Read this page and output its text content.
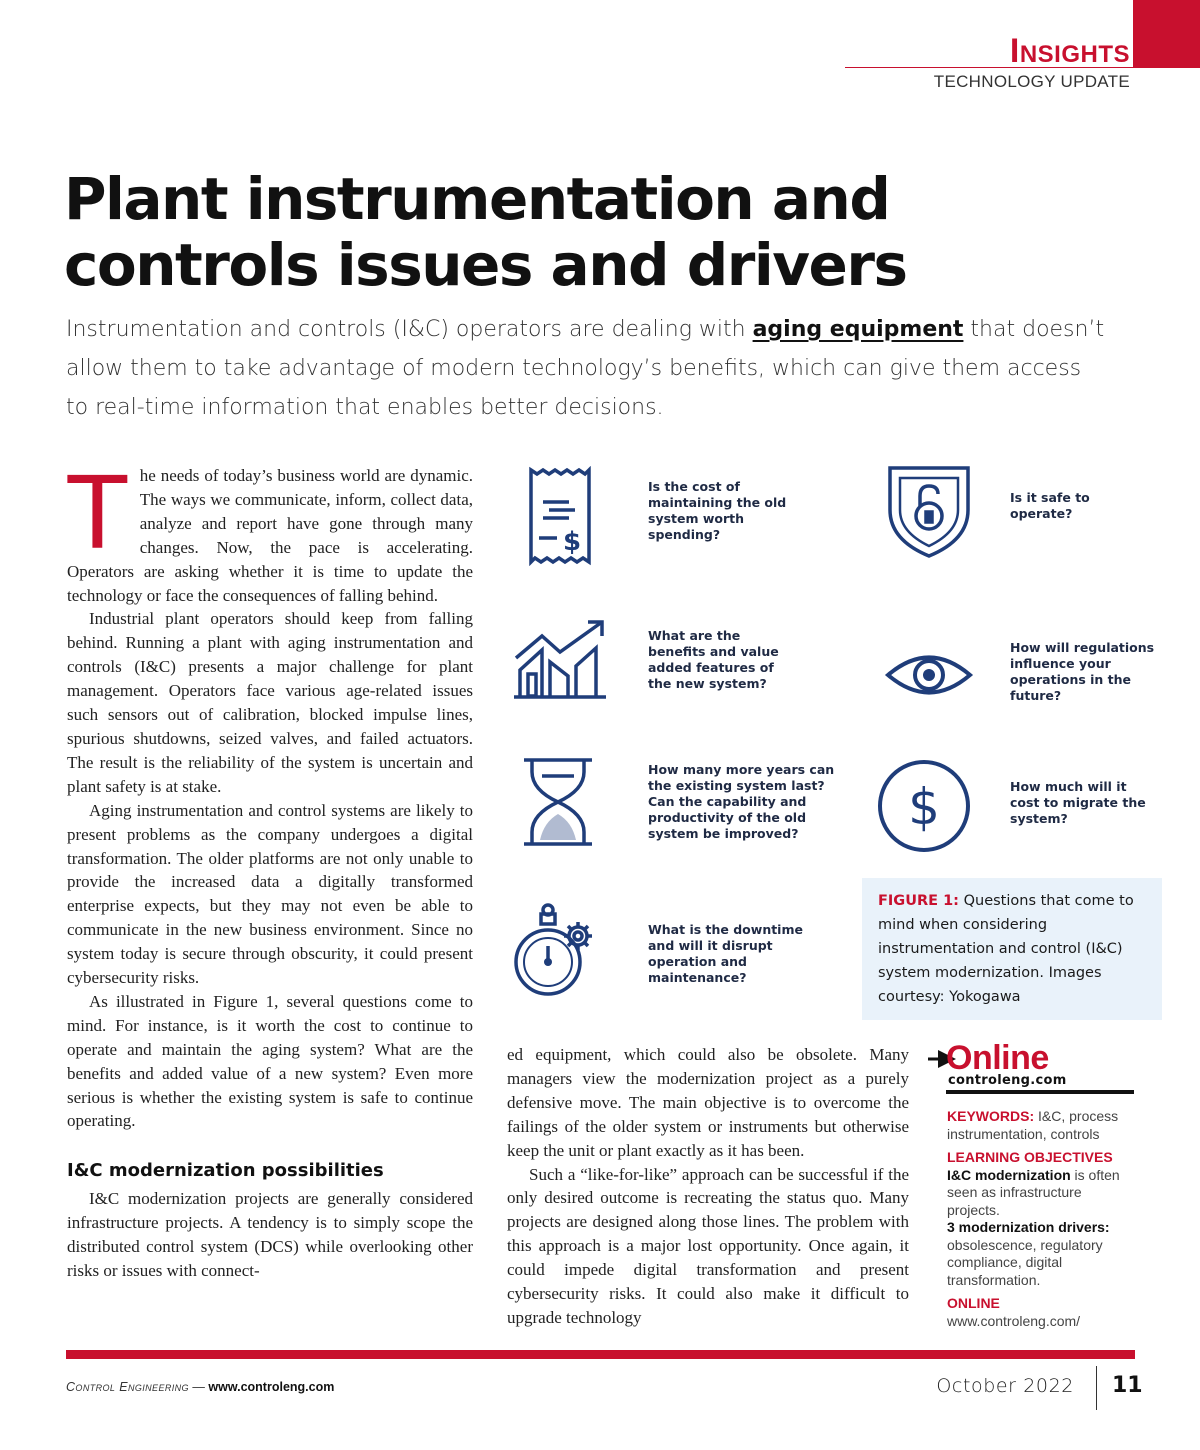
Insights
TECHNOLOGY UPDATE
Plant instrumentation and controls issues and drivers
Instrumentation and controls (I&C) operators are dealing with aging equipment that doesn’t allow them to take advantage of modern technology’s benefits, which can give them access to real-time information that enables better decisions.

The needs of today’s business world are dynamic. The ways we communicate, inform, collect data, analyze and report have gone through many changes. Now, the pace is accelerating. Operators are asking whether it is time to update the technology or face the consequences of falling behind.

Industrial plant operators should keep from falling behind. Running a plant with aging instrumentation and controls (I&C) presents a major challenge for plant management. Operators face various age-related issues such sensors out of calibration, blocked impulse lines, spurious shutdowns, seized valves, and failed actuators. The result is the reliability of the system is uncertain and plant safety is at stake.

Aging instrumentation and control systems are likely to present problems as the company undergoes a digital transformation. The older platforms are not only unable to provide the increased data a digitally transformed enterprise expects, but they may not even be able to communicate in the new business environment. Since no system today is secure through obscurity, it could present cybersecurity risks.

As illustrated in Figure 1, several questions come to mind. For instance, is it worth the cost to continue to operate and maintain the aging system? What are the benefits and added value of a new system? Even more serious is whether the existing system is safe to continue operating.

I&C modernization possibilities

I&C modernization projects are generally considered infrastructure projects. A tendency is to simply scope the distributed control system (DCS) while overlooking other risks or issues with connect-

ed equipment, which could also be obsolete. Many managers view the modernization project as a purely defensive move. The main objective is to overcome the failings of the older system or instruments but otherwise keep the unit or plant exactly as it has been.

Such a “like-for-like” approach can be successful if the only desired outcome is recreating the status quo. Many projects are designed along those lines. The problem with this approach is a major lost opportunity. Once again, it could impede digital transformation and present cybersecurity risks. It could also make it difficult to upgrade technology

$
Is the cost of maintaining the old system worth spending?
Is it safe to operate?
What are the benefits and value added features of the new system?
How will regulations influence your operations in the future?
How many more years can the existing system last? Can the capability and productivity of the old system be improved?	$	How much will it cost to migrate the system?
What is the downtime and will it disrupt operation and maintenance?
FIGURE 1: Questions that come to mind when considering instrumentation and control (I&C) system modernization. Images courtesy: Yokogawa
Online
controleng.com
KEYWORDS: I&C, process instrumentation, controls
LEARNING OBJECTIVES
I&C modernization is often seen as infrastructure projects.
3 modernization drivers: obsolescence, regulatory compliance, digital transformation.
ONLINE
www.controleng.com/
Control Engineering — www.controleng.com	October 2022 11
